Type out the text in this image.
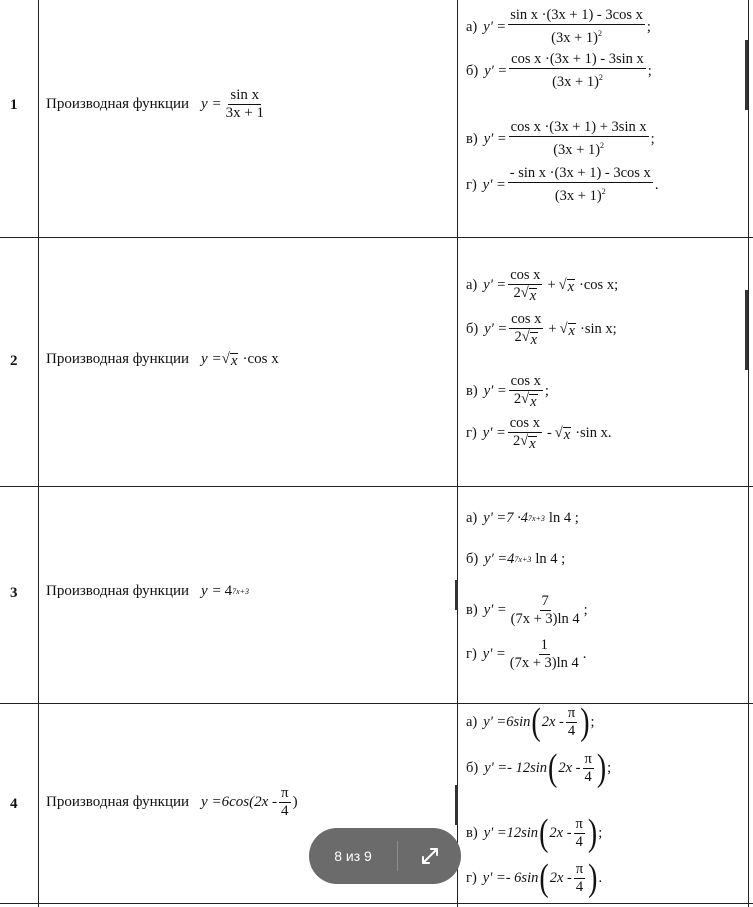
1 Производная функции $y = \frac{\text{sin x}}{3x + 1}$
а) $y' = \frac{\text{sin x ·(3x + 1) - 3cos x}}{(3x + 1)^2}$ ;
б) $y' = \frac{\text{cos x ·(3x + 1) - 3sin x}}{(3x + 1)^2}$ ;
в) $y' = \frac{\text{cos x ·(3x + 1) + 3sin x}}{(3x + 1)^2}$ ;
г) $y' = \frac{\text{- sin x ·(3x + 1) - 3cos x}}{(3x + 1)^2}$ .
2 Производная функции y = √ x ·cos x
а) $y' = \frac{\text{cos x}}{2 √ x}$ + √ x ·cos x;
б) $y' = \frac{\text{cos x}}{2 √ x}$ + √ x ·sin x;
в) $y' = \frac{\text{cos x}}{2 √ x}$ ;
г) $y' = \frac{\text{cos x}}{2 √ x}$ - √ x ·sin x.
3 Производная функции y = 4 7x+3
а) y' =7 ·4 7x+3 ln 4 ;
б) y' =4 7x+3 ln 4 ;
в) $y' = \frac{7}{(7x + 3)\ln 4}$ ;
г) $y' = \frac{1}{(7x + 3)\ln 4}$ .
4 Производная функции $y =6\cos(2x - \frac{\pi}{4}$ )
а) y' =6sin ( $2x - \frac{\pi}{4}$ ) ;
б) y' =- 12sin ( $2x - \frac{\pi}{4}$ ) ;
в) y' =12sin ( $2x - \frac{\pi}{4}$ ) ;
г) y' =- 6sin ( $2x - \frac{\pi}{4}$ ) .
8 из 9
